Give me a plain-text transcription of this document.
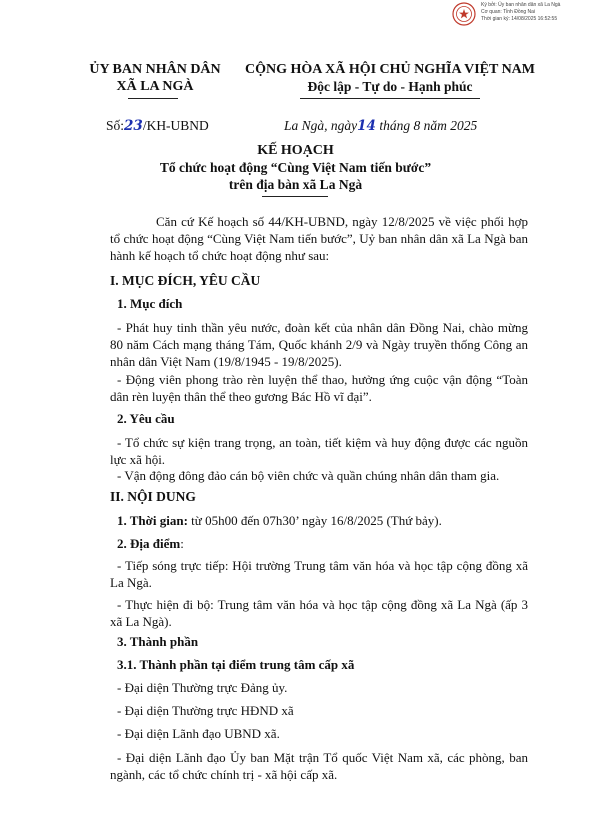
Ký bởi: Ủy ban nhân dân xã La Ngà
Cơ quan: Tỉnh Đồng Nai
Thời gian ký: 14/08/2025 16:52:55
ỦY BAN NHÂN DÂN
XÃ LA NGÀ
CỘNG HÒA XÃ HỘI CHỦ NGHĨA VIỆT NAM
Độc lập - Tự do - Hạnh phúc
Số:23/KH-UBND	La Ngà, ngày14 tháng 8 năm 2025
KẾ HOẠCH
Tổ chức hoạt động “Cùng Việt Nam tiến bước”
trên địa bàn xã La Ngà
Căn cứ Kế hoạch số 44/KH-UBND, ngày 12/8/2025 về việc phối hợp tổ chức hoạt động “Cùng Việt Nam tiến bước”, Uỷ ban nhân dân xã La Ngà ban hành kế hoạch tổ chức hoạt động như sau:
I. MỤC ĐÍCH, YÊU CẦU
1. Mục đích
- Phát huy tinh thần yêu nước, đoàn kết của nhân dân Đồng Nai, chào mừng 80 năm Cách mạng tháng Tám, Quốc khánh 2/9 và Ngày truyền thống Công an nhân dân Việt Nam (19/8/1945 - 19/8/2025).
- Động viên phong trào rèn luyện thể thao, hưởng ứng cuộc vận động “Toàn dân rèn luyện thân thể theo gương Bác Hồ vĩ đại”.
2. Yêu cầu
- Tổ chức sự kiện trang trọng, an toàn, tiết kiệm và huy động được các nguồn lực xã hội.
- Vận động đông đảo cán bộ viên chức và quần chúng nhân dân tham gia.
II. NỘI DUNG
1. Thời gian: từ 05h00 đến 07h30’ ngày 16/8/2025 (Thứ bảy).
2. Địa điểm:
- Tiếp sóng trực tiếp: Hội trường Trung tâm văn hóa và học tập cộng đồng xã La Ngà.
- Thực hiện đi bộ: Trung tâm văn hóa và học tập cộng đồng xã La Ngà (ấp 3 xã La Ngà).
3. Thành phần
3.1. Thành phần tại điểm trung tâm cấp xã
- Đại diện Thường trực Đảng ủy.
- Đại diện Thường trực HĐND xã
- Đại diện Lãnh đạo UBND xã.
- Đại diện Lãnh đạo Ủy ban Mặt trận Tổ quốc Việt Nam xã, các phòng, ban ngành, các tổ chức chính trị - xã hội cấp xã.
